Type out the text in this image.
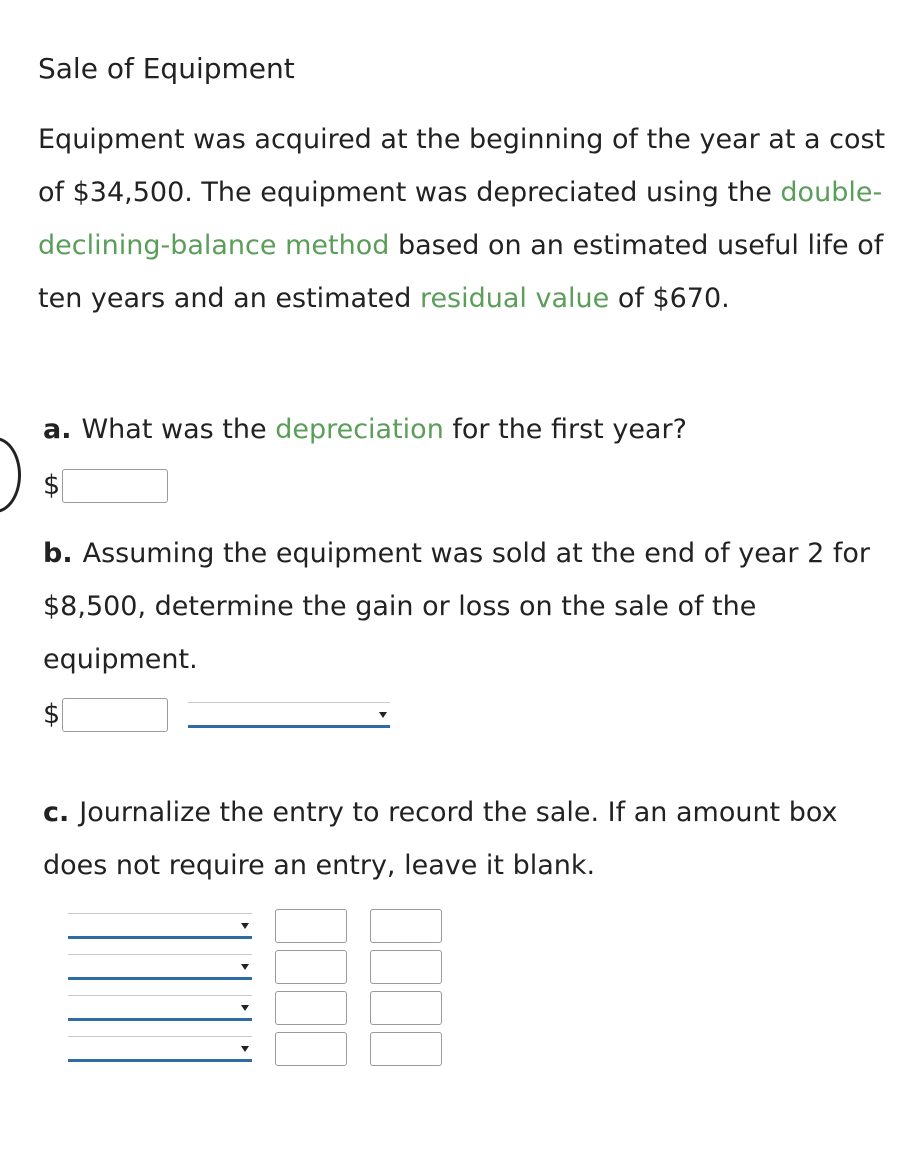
Sale of Equipment

Equipment was acquired at the beginning of the year at a cost of $34,500. The equipment was depreciated using the double-declining-balance method based on an estimated useful life of ten years and an estimated residual value of $670.

a. What was the depreciation for the first year?

$

b. Assuming the equipment was sold at the end of year 2 for $8,500, determine the gain or loss on the sale of the equipment.

$

c. Journalize the entry to record the sale. If an amount box does not require an entry, leave it blank.
